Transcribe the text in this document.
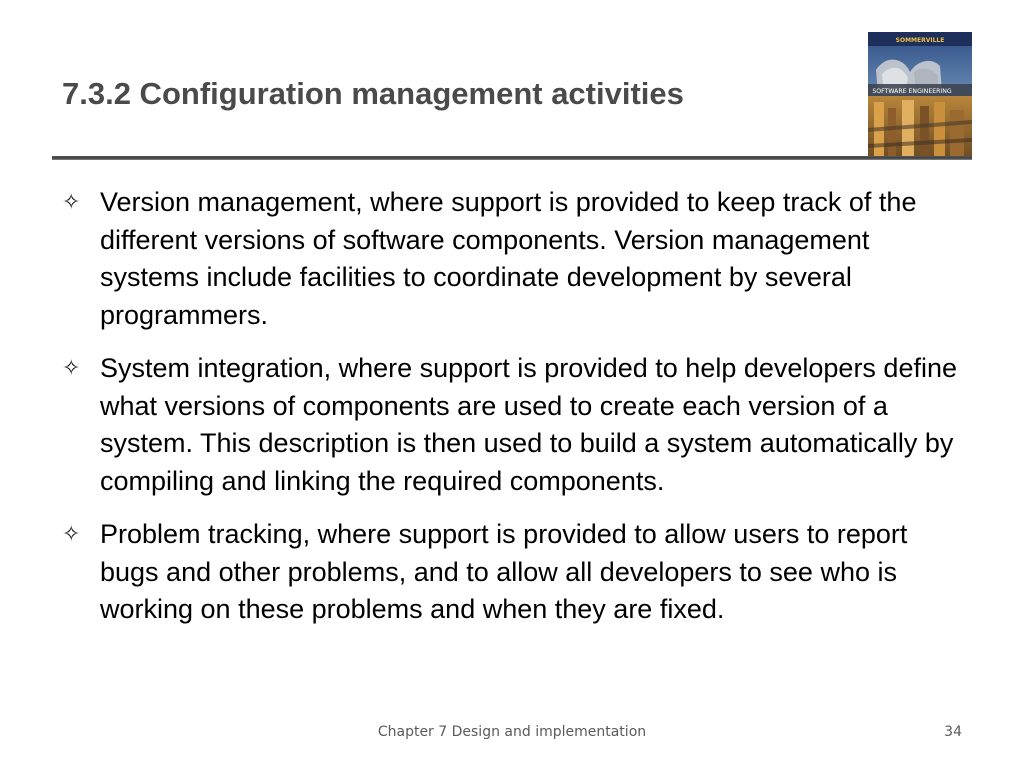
7.3.2 Configuration management activities
SOMMERVILLE
SOFTWARE ENGINEERING
✧ Version management, where support is provided to keep track of the different versions of software components. Version management systems include facilities to coordinate development by several programmers.
✧ System integration, where support is provided to help developers define what versions of components are used to create each version of a system. This description is then used to build a system automatically by compiling and linking the required components.
✧ Problem tracking, where support is provided to allow users to report bugs and other problems, and to allow all developers to see who is working on these problems and when they are fixed.
Chapter 7 Design and implementation	34
